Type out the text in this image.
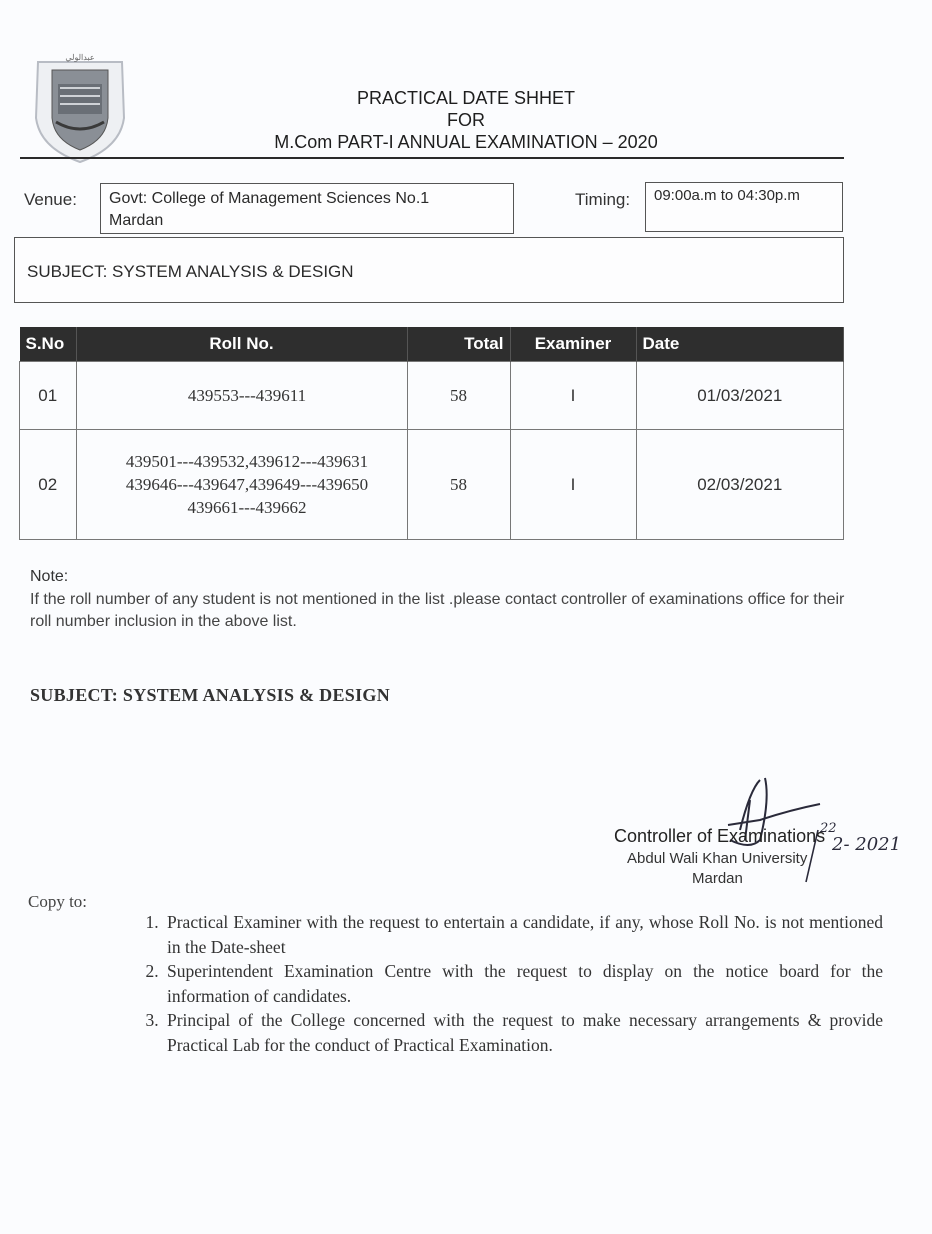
ﻋﺒﺪﺍﻟﻮﻟﻲ
PRACTICAL DATE SHHET
FOR
M.Com PART-I ANNUAL EXAMINATION – 2020
Venue: Govt: College of Management Sciences No.1
Mardan
Timing:	09:00a.m to 04:30p.m
SUBJECT: SYSTEM ANALYSIS & DESIGN
S.No	Roll No.	Total	Examiner	Date
01	439553---439611	58	I	01/03/2021
02	439501---439532,439612---439631
439646---439647,439649---439650
439661---439662	58	I	02/03/2021
Note:
If the roll number of any student is not mentioned in the list .please contact controller of examinations office for their roll number inclusion in the above list.
SUBJECT: SYSTEM ANALYSIS & DESIGN
22
2- 2021
Controller of Examinations
Abdul Wali Khan University
Mardan
Copy to:
1. Practical Examiner with the request to entertain a candidate, if any, whose Roll No. is not mentioned in the Date-sheet
2. Superintendent Examination Centre with the request to display on the notice board for the information of candidates.
3. Principal of the College concerned with the request to make necessary arrangements & provide Practical Lab for the conduct of Practical Examination.
